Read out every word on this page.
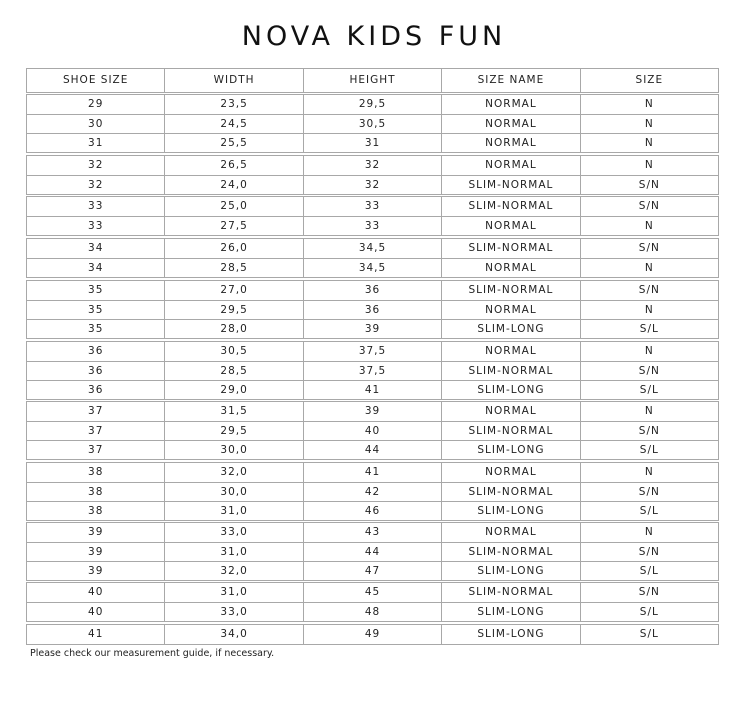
NOVA KIDS FUN
SHOE SIZE	WIDTH	HEIGHT	SIZE NAME	SIZE
29	23,5	29,5	NORMAL	N
30	24,5	30,5	NORMAL	N
31	25,5	31	NORMAL	N
32	26,5	32	NORMAL	N
32	24,0	32	SLIM-NORMAL	S/N
33	25,0	33	SLIM-NORMAL	S/N
33	27,5	33	NORMAL	N
34	26,0	34,5	SLIM-NORMAL	S/N
34	28,5	34,5	NORMAL	N
35	27,0	36	SLIM-NORMAL	S/N
35	29,5	36	NORMAL	N
35	28,0	39	SLIM-LONG	S/L
36	30,5	37,5	NORMAL	N
36	28,5	37,5	SLIM-NORMAL	S/N
36	29,0	41	SLIM-LONG	S/L
37	31,5	39	NORMAL	N
37	29,5	40	SLIM-NORMAL	S/N
37	30,0	44	SLIM-LONG	S/L
38	32,0	41	NORMAL	N
38	30,0	42	SLIM-NORMAL	S/N
38	31,0	46	SLIM-LONG	S/L
39	33,0	43	NORMAL	N
39	31,0	44	SLIM-NORMAL	S/N
39	32,0	47	SLIM-LONG	S/L
40	31,0	45	SLIM-NORMAL	S/N
40	33,0	48	SLIM-LONG	S/L
41	34,0	49	SLIM-LONG	S/L
Please check our measurement guide, if necessary.
